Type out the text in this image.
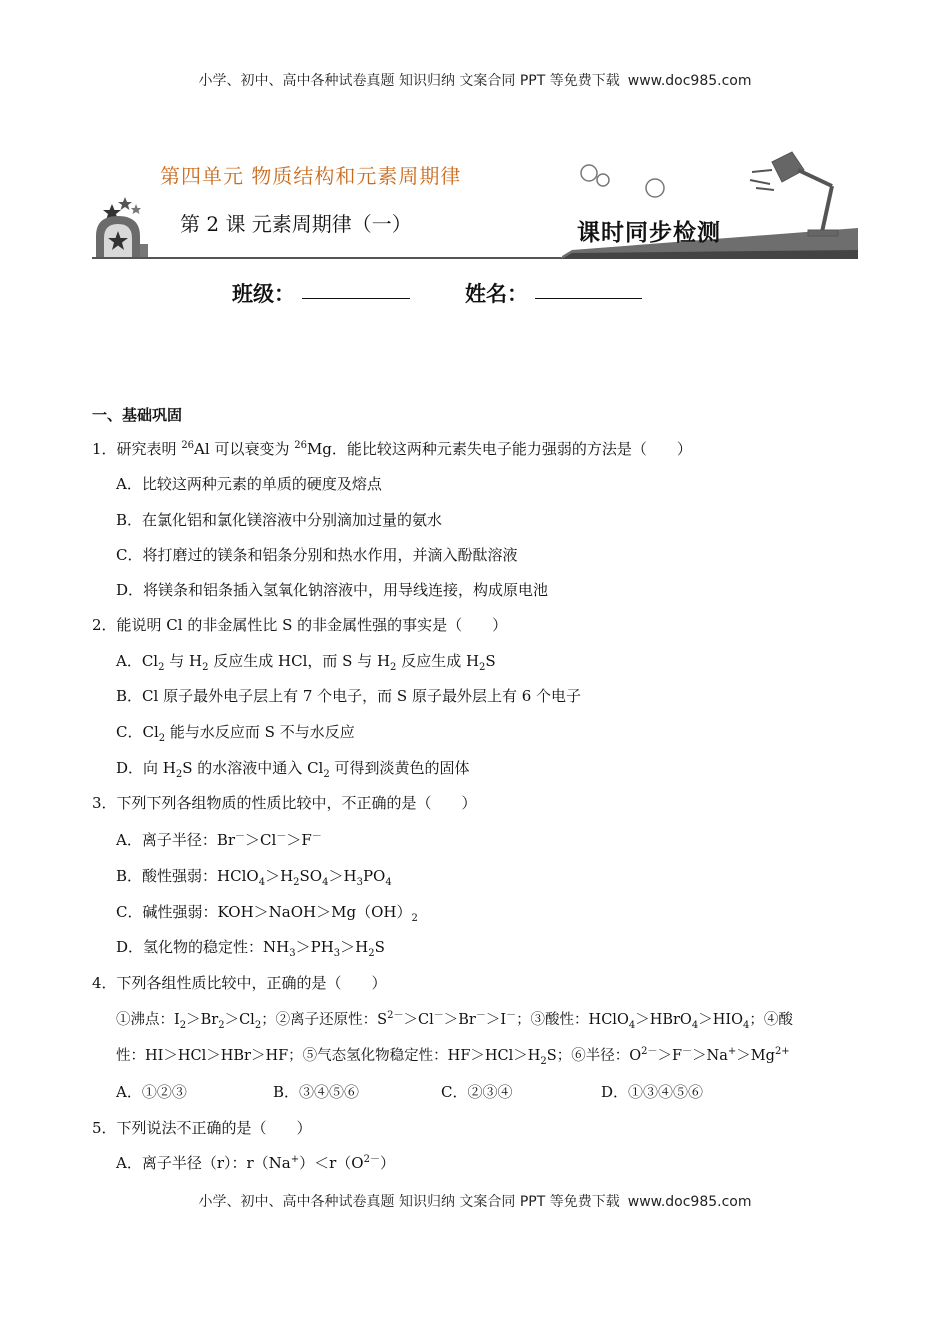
小学、初中、高中各种试卷真题 知识归纳 文案合同 PPT 等免费下载 www.doc985.com
第四单元 物质结构和元素周期律
第 2 课 元素周期律（一）	课时同步检测
班级：	姓名：
一、基础巩固
1．研究表明 $^{26}$Al 可以衰变为 $^{26}$Mg．能比较这两种元素失电子能力强弱的方法是（　　）
A．比较这两种元素的单质的硬度及熔点
B．在氯化铝和氯化镁溶液中分别滴加过量的氨水
C．将打磨过的镁条和铝条分别和热水作用，并滴入酚酞溶液
D．将镁条和铝条插入氢氧化钠溶液中，用导线连接，构成原电池
2．能说明 Cl 的非金属性比 S 的非金属性强的事实是（　　）
A．$Cl_2$ 与 $H_2$ 反应生成 HCl，而 S 与 $H_2$ 反应生成 $H_2S$
B．Cl 原子最外电子层上有 7 个电子，而 S 原子最外层上有 6 个电子
C．$Cl_2$ 能与水反应而 S 不与水反应
D．向 $H_2S$ 的水溶液中通入 $Cl_2$ 可得到淡黄色的固体
3．下列下列各组物质的性质比较中，不正确的是（　　）
A．离子半径：Br－＞Cl－＞F－
B．酸性强弱：$HClO_4>H_2SO_4>H_3PO_4$
C．碱性强弱：$KOH>NaOH>Mg(OH)_2$
D．氢化物的稳定性：$NH_3>PH_3>H_2S$
4．下列各组性质比较中，正确的是（　　）
①沸点：$I_2>Br_2>Cl_2$；②离子还原性：$S^{2-}>Cl^->Br^->I^-$；③酸性：$HClO_4>HBrO_4>HIO_4$；④酸
性：HI＞HCl＞HBr＞HF；⑤气态氢化物稳定性：$HF>HCl>H_2S$；⑥半径：$O^{2-}>F^->Na^+>Mg^{2+}$
A．①②③	B．③④⑤⑥	C．②③④	D．①③④⑤⑥
5．下列说法不正确的是（　　）
A．离子半径（r）：$r(Na^+)<r(O^{2-})$
小学、初中、高中各种试卷真题 知识归纳 文案合同 PPT 等免费下载 www.doc985.com
